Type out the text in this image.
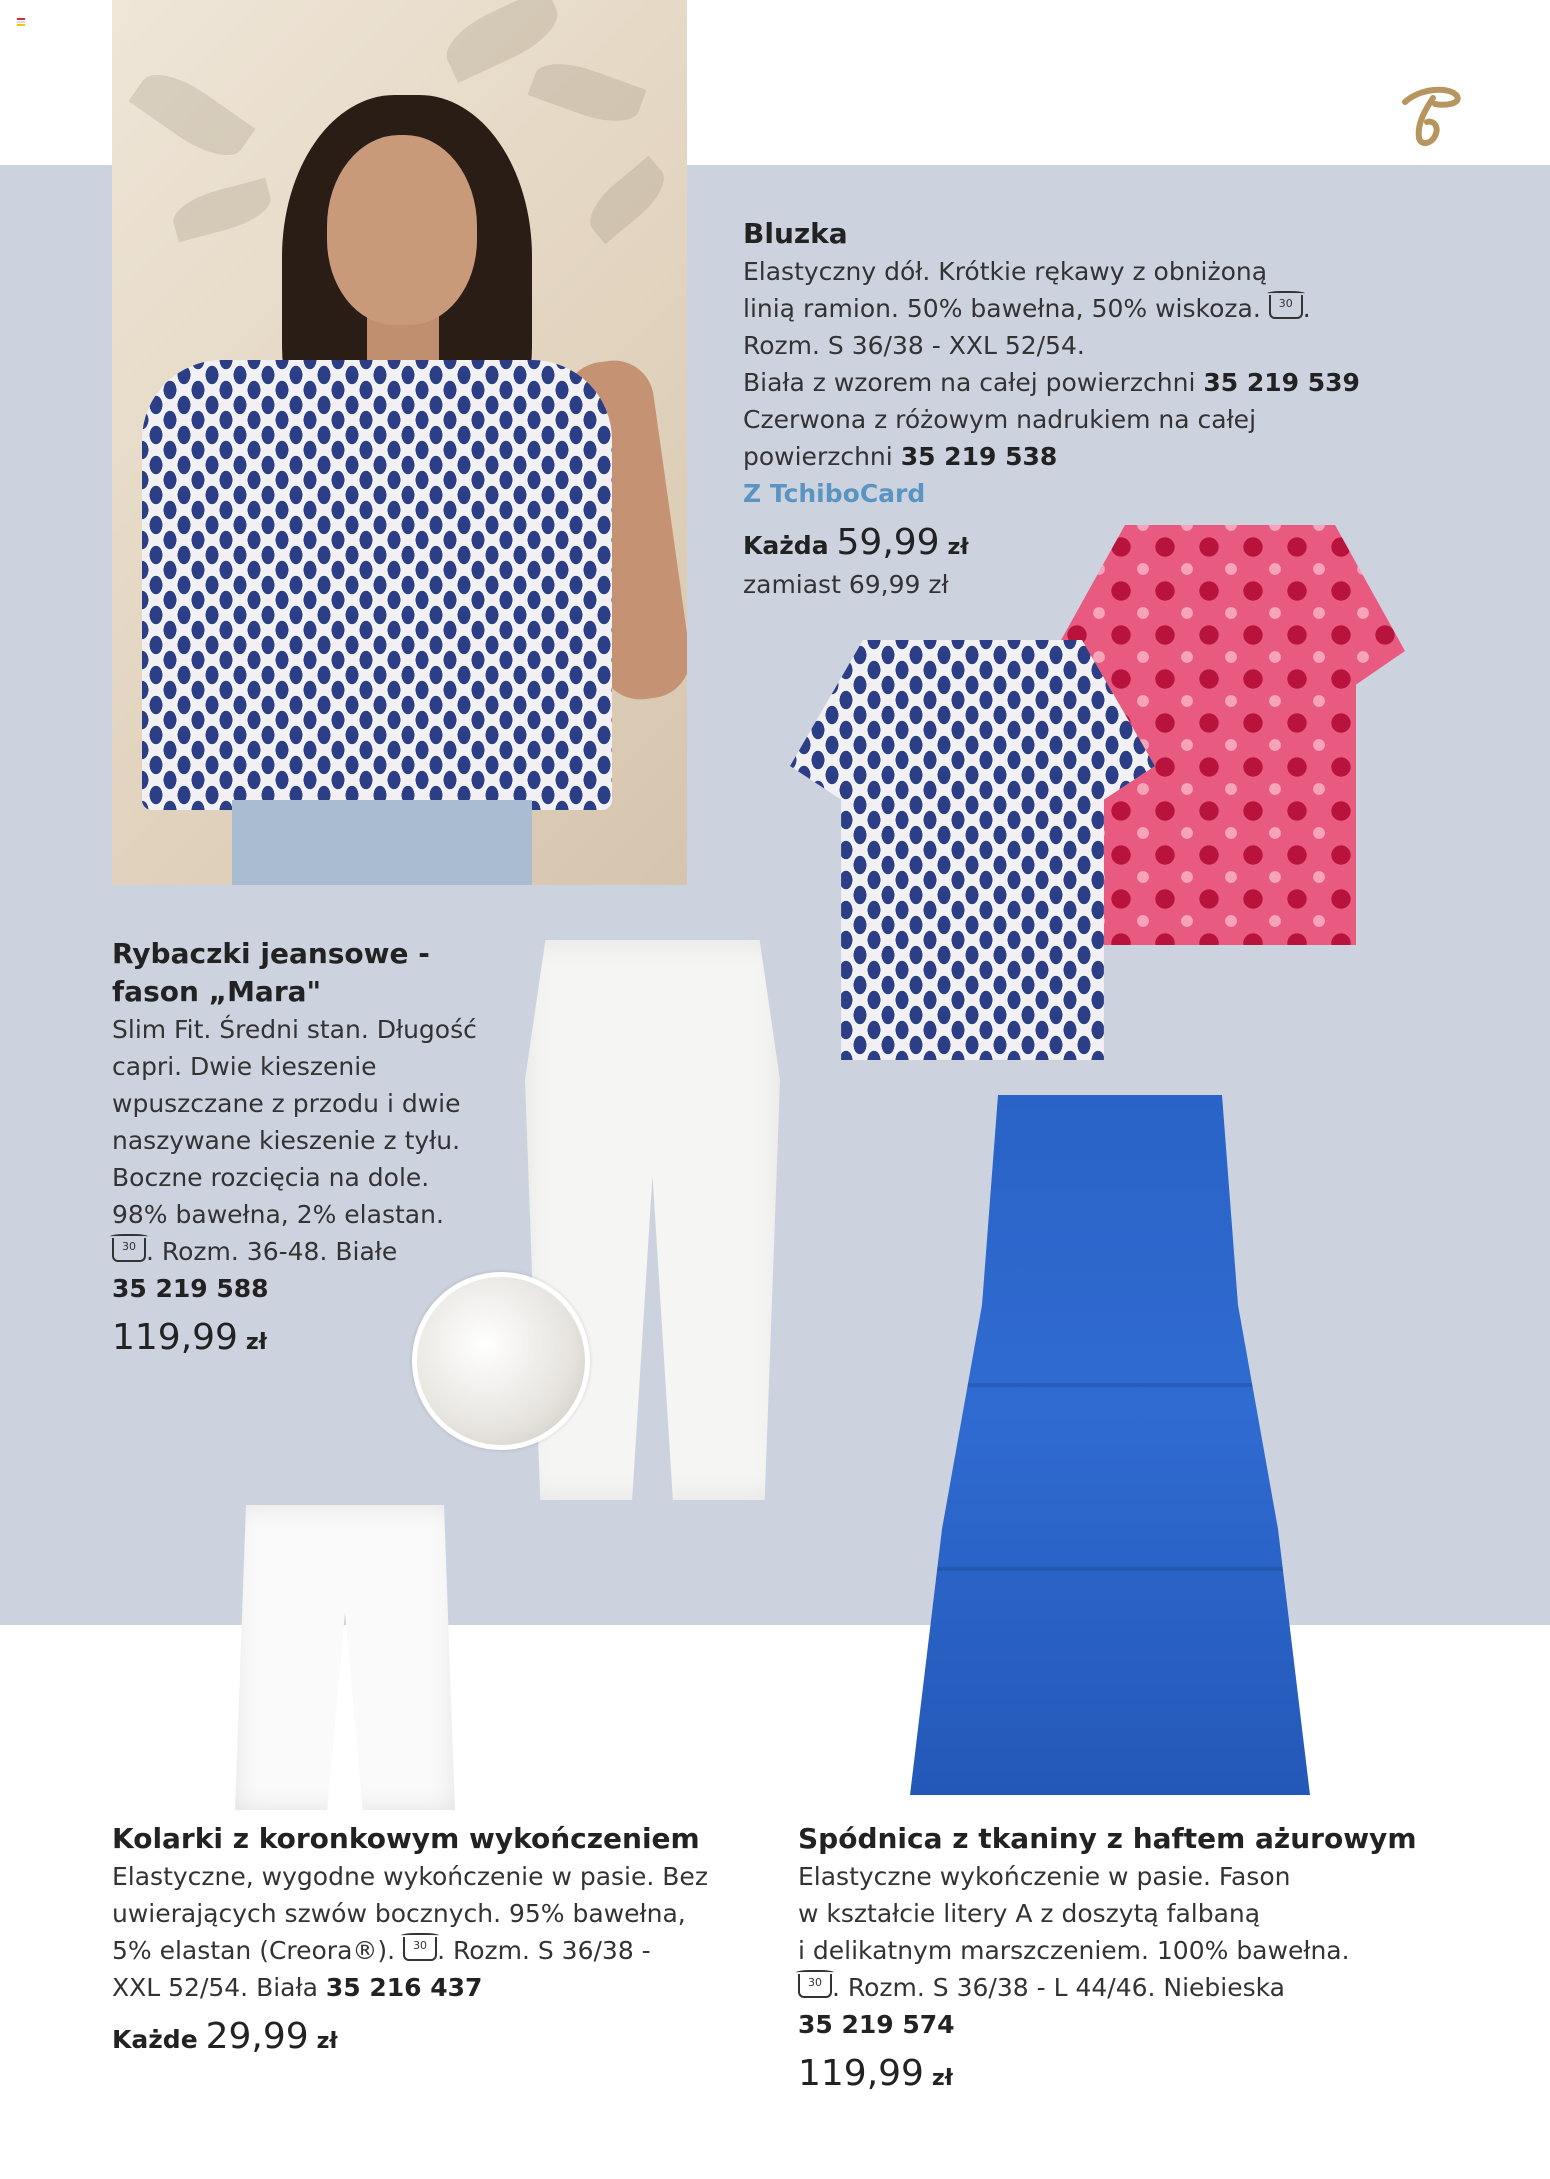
Bluzka
Elastyczny dół. Krótkie rękawy z obniżoną
linią ramion. 50% bawełna, 50% wiskoza. 30 .
Rozm. S 36/38 - XXL 52/54.
Biała z wzorem na całej powierzchni 35 219 539
Czerwona z różowym nadrukiem na całej
powierzchni 35 219 538
Z TchiboCard
Każda 59,99 zł
zamiast 69,99 zł
Rybaczki jeansowe -
fason „Mara"
Slim Fit. Średni stan. Długość
capri. Dwie kieszenie
wpuszczane z przodu i dwie
naszywane kieszenie z tyłu.
Boczne rozcięcia na dole.
98% bawełna, 2% elastan.
30 . Rozm. 36-48. Białe
35 219 588
119,99 zł
Kolarki z koronkowym wykończeniem
Elastyczne, wygodne wykończenie w pasie. Bez
uwierających szwów bocznych. 95% bawełna,
5% elastan (Creora®). 30 . Rozm. S 36/38 -
XXL 52/54. Biała 35 216 437
Każde 29,99 zł
Spódnica z tkaniny z haftem ażurowym
Elastyczne wykończenie w pasie. Fason
w kształcie litery A z doszytą falbaną
i delikatnym marszczeniem. 100% bawełna.
30 . Rozm. S 36/38 - L 44/46. Niebieska
35 219 574
119,99 zł
